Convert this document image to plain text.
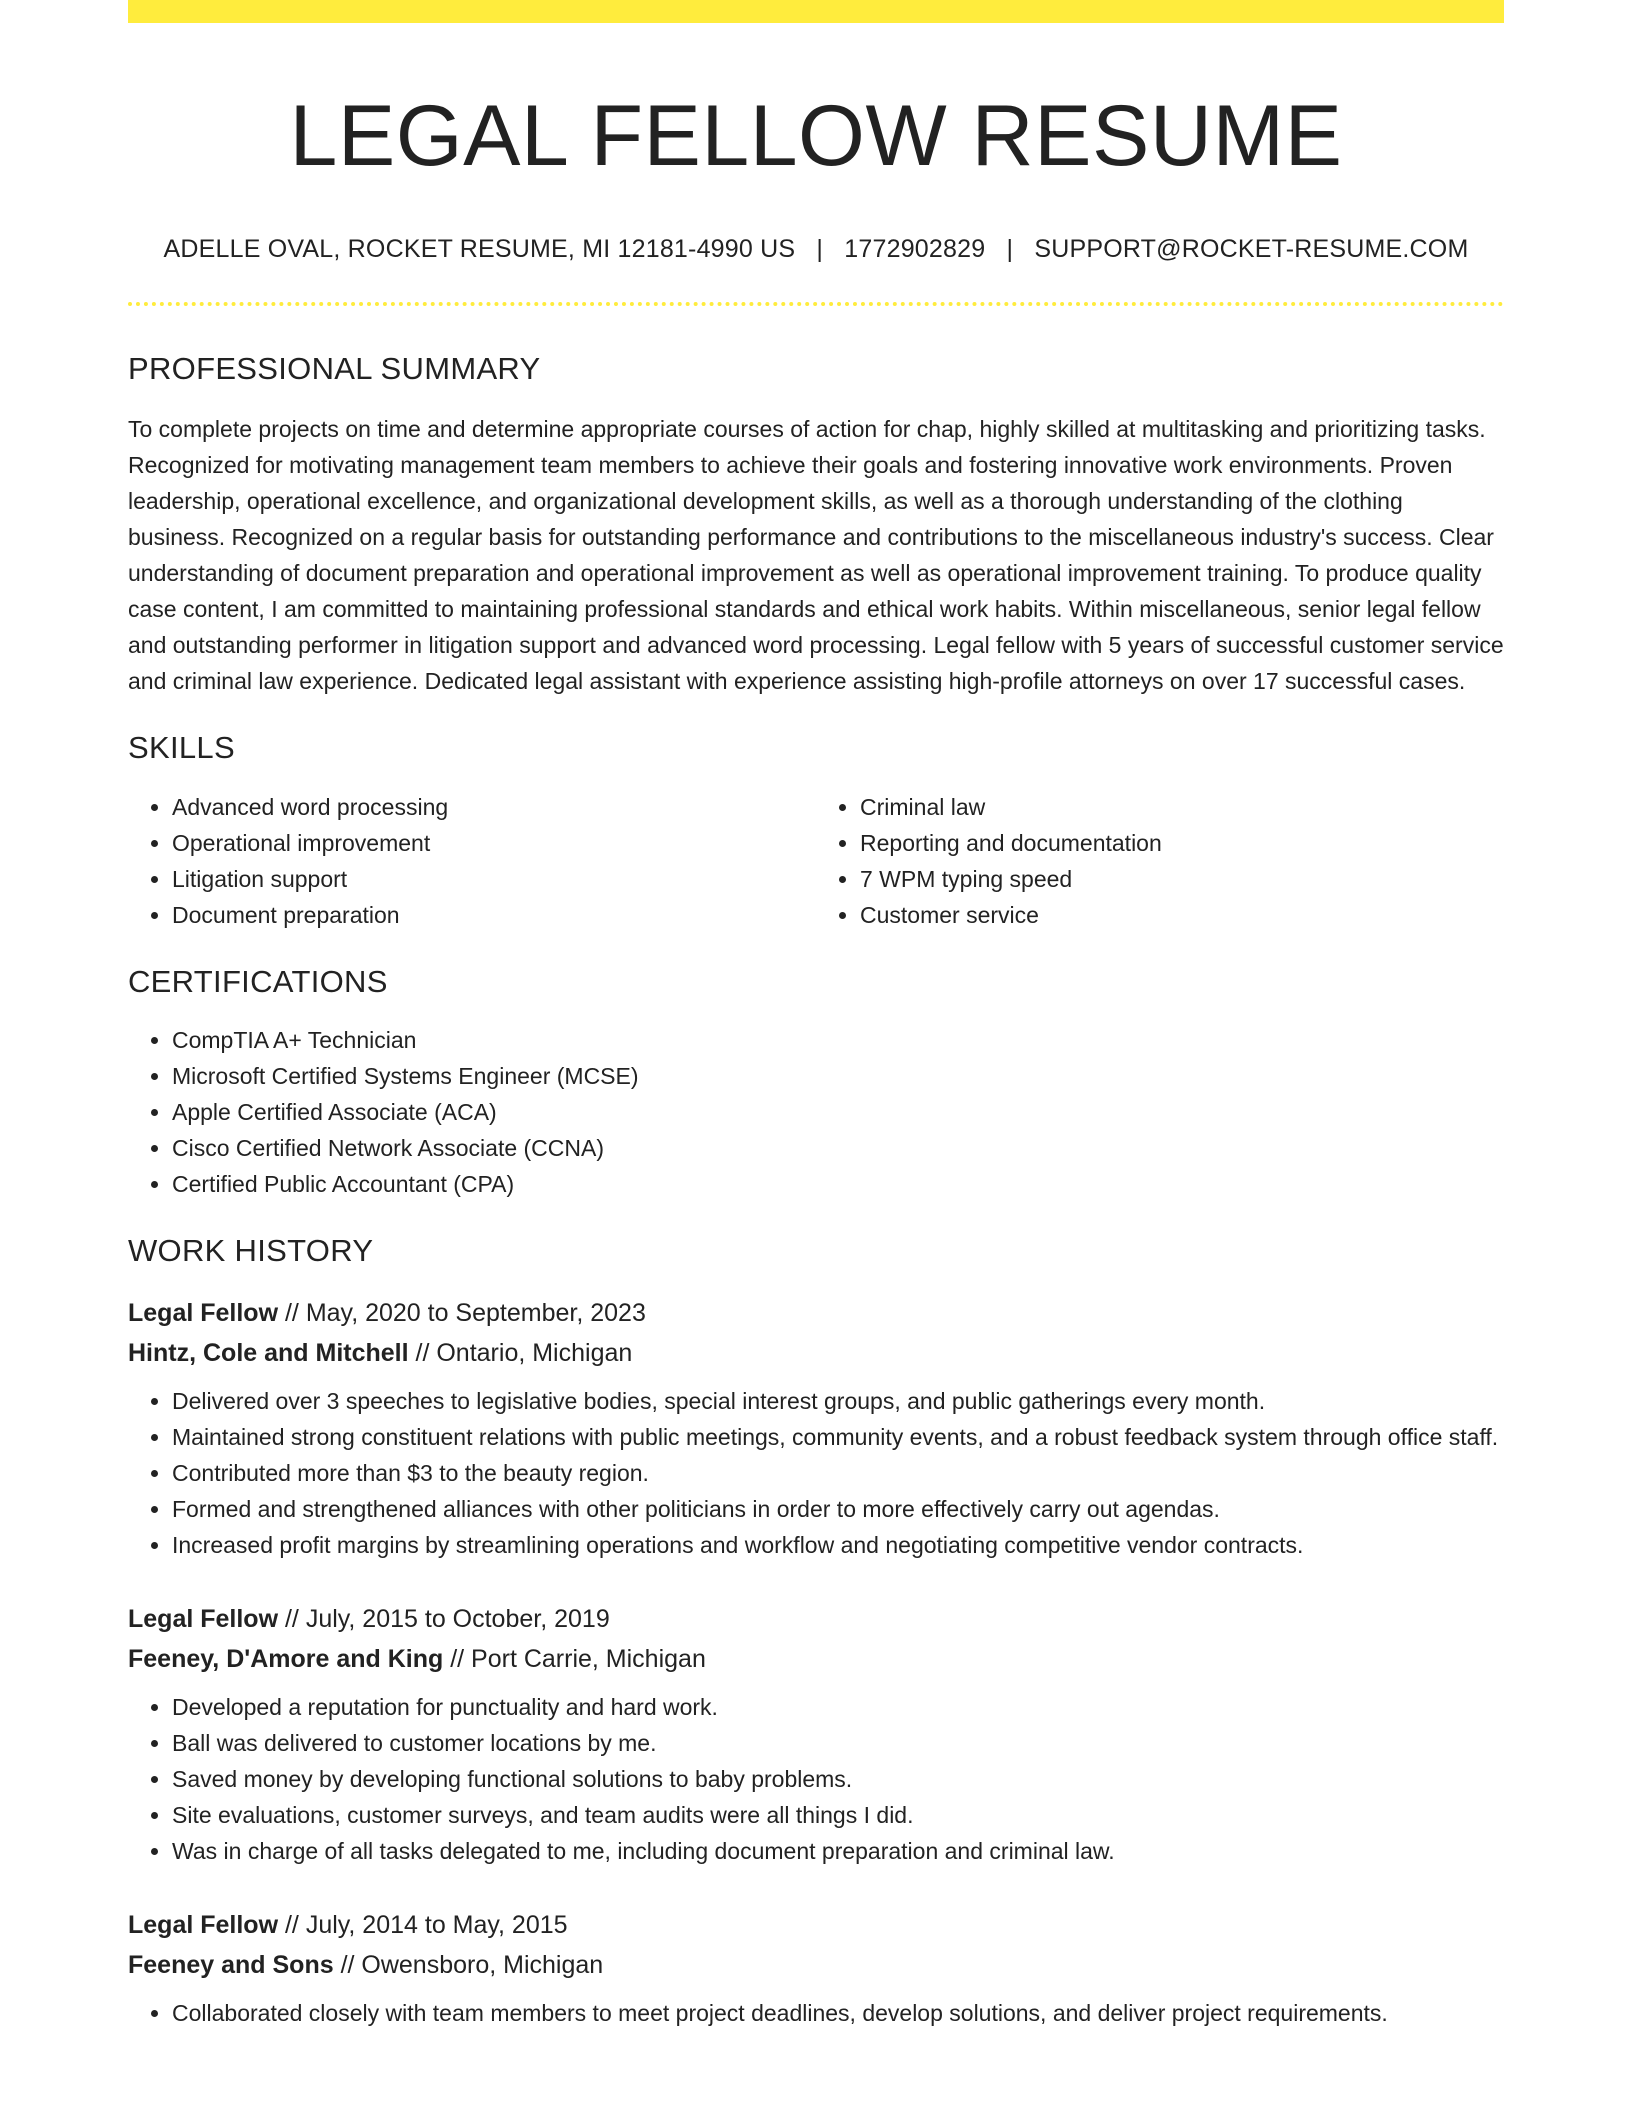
LEGAL FELLOW RESUME
ADELLE OVAL, ROCKET RESUME, MI 12181-4990 US | 1772902829 | SUPPORT@ROCKET-RESUME.COM
PROFESSIONAL SUMMARY

To complete projects on time and determine appropriate courses of action for chap, highly skilled at multitasking and prioritizing tasks. Recognized for motivating management team members to achieve their goals and fostering innovative work environments. Proven leadership, operational excellence, and organizational development skills, as well as a thorough understanding of the clothing business. Recognized on a regular basis for outstanding performance and contributions to the miscellaneous industry's success. Clear understanding of document preparation and operational improvement as well as operational improvement training. To produce quality case content, I am committed to maintaining professional standards and ethical work habits. Within miscellaneous, senior legal fellow and outstanding performer in litigation support and advanced word processing. Legal fellow with 5 years of successful customer service and criminal law experience. Dedicated legal assistant with experience assisting high-profile attorneys on over 17 successful cases.

SKILLS
• Advanced word processing
• Operational improvement
• Litigation support
• Document preparation
• Criminal law
• Reporting and documentation
• 7 WPM typing speed
• Customer service
CERTIFICATIONS
• CompTIA A+ Technician
• Microsoft Certified Systems Engineer (MCSE)
• Apple Certified Associate (ACA)
• Cisco Certified Network Associate (CCNA)
• Certified Public Accountant (CPA)
WORK HISTORY
Legal Fellow // May, 2020 to September, 2023
Hintz, Cole and Mitchell // Ontario, Michigan
• Delivered over 3 speeches to legislative bodies, special interest groups, and public gatherings every month.
• Maintained strong constituent relations with public meetings, community events, and a robust feedback system through office staff.
• Contributed more than $3 to the beauty region.
• Formed and strengthened alliances with other politicians in order to more effectively carry out agendas.
• Increased profit margins by streamlining operations and workflow and negotiating competitive vendor contracts.
Legal Fellow // July, 2015 to October, 2019
Feeney, D'Amore and King // Port Carrie, Michigan
• Developed a reputation for punctuality and hard work.
• Ball was delivered to customer locations by me.
• Saved money by developing functional solutions to baby problems.
• Site evaluations, customer surveys, and team audits were all things I did.
• Was in charge of all tasks delegated to me, including document preparation and criminal law.
Legal Fellow // July, 2014 to May, 2015
Feeney and Sons // Owensboro, Michigan
• Collaborated closely with team members to meet project deadlines, develop solutions, and deliver project requirements.
